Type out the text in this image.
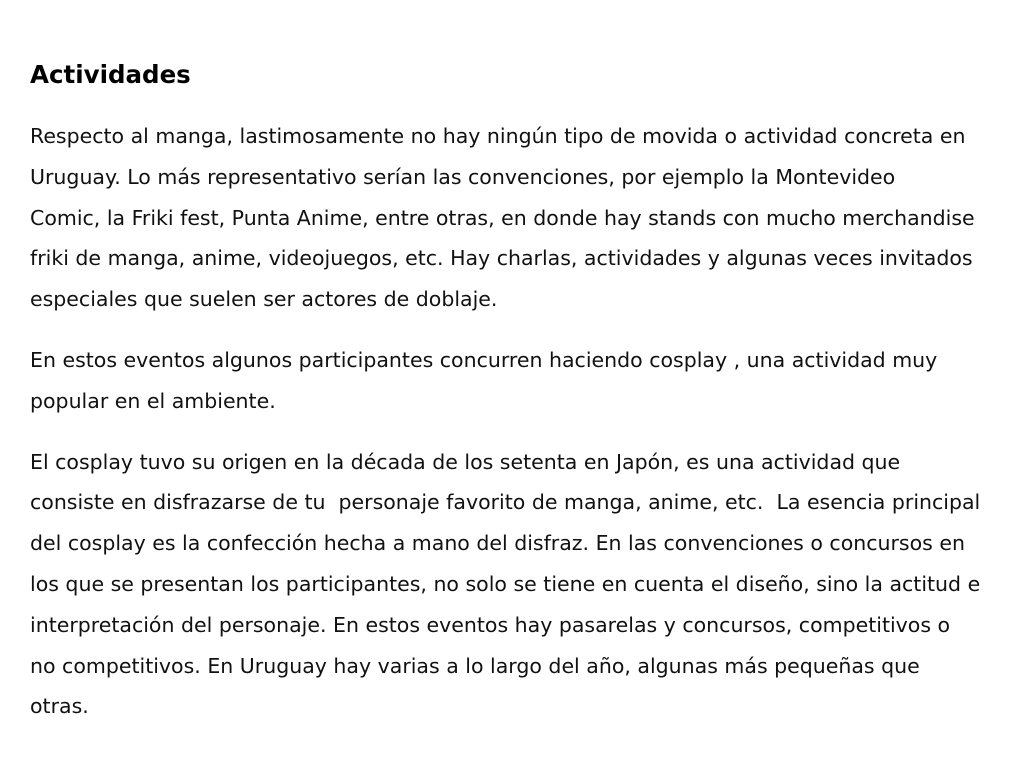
Actividades

Respecto al manga, lastimosamente no hay ningún tipo de movida o actividad concreta en
Uruguay. Lo más representativo serían las convenciones, por ejemplo la Montevideo
Comic, la Friki fest, Punta Anime, entre otras, en donde hay stands con mucho merchandise
friki de manga, anime, videojuegos, etc. Hay charlas, actividades y algunas veces invitados
especiales que suelen ser actores de doblaje.

En estos eventos algunos participantes concurren haciendo cosplay , una actividad muy
popular en el ambiente.

El cosplay tuvo su origen en la década de los setenta en Japón, es una actividad que
consiste en disfrazarse de tu  personaje favorito de manga, anime, etc.  La esencia principal
del cosplay es la confección hecha a mano del disfraz. En las convenciones o concursos en
los que se presentan los participantes, no solo se tiene en cuenta el diseño, sino la actitud e
interpretación del personaje. En estos eventos hay pasarelas y concursos, competitivos o
no competitivos. En Uruguay hay varias a lo largo del año, algunas más pequeñas que
otras.
